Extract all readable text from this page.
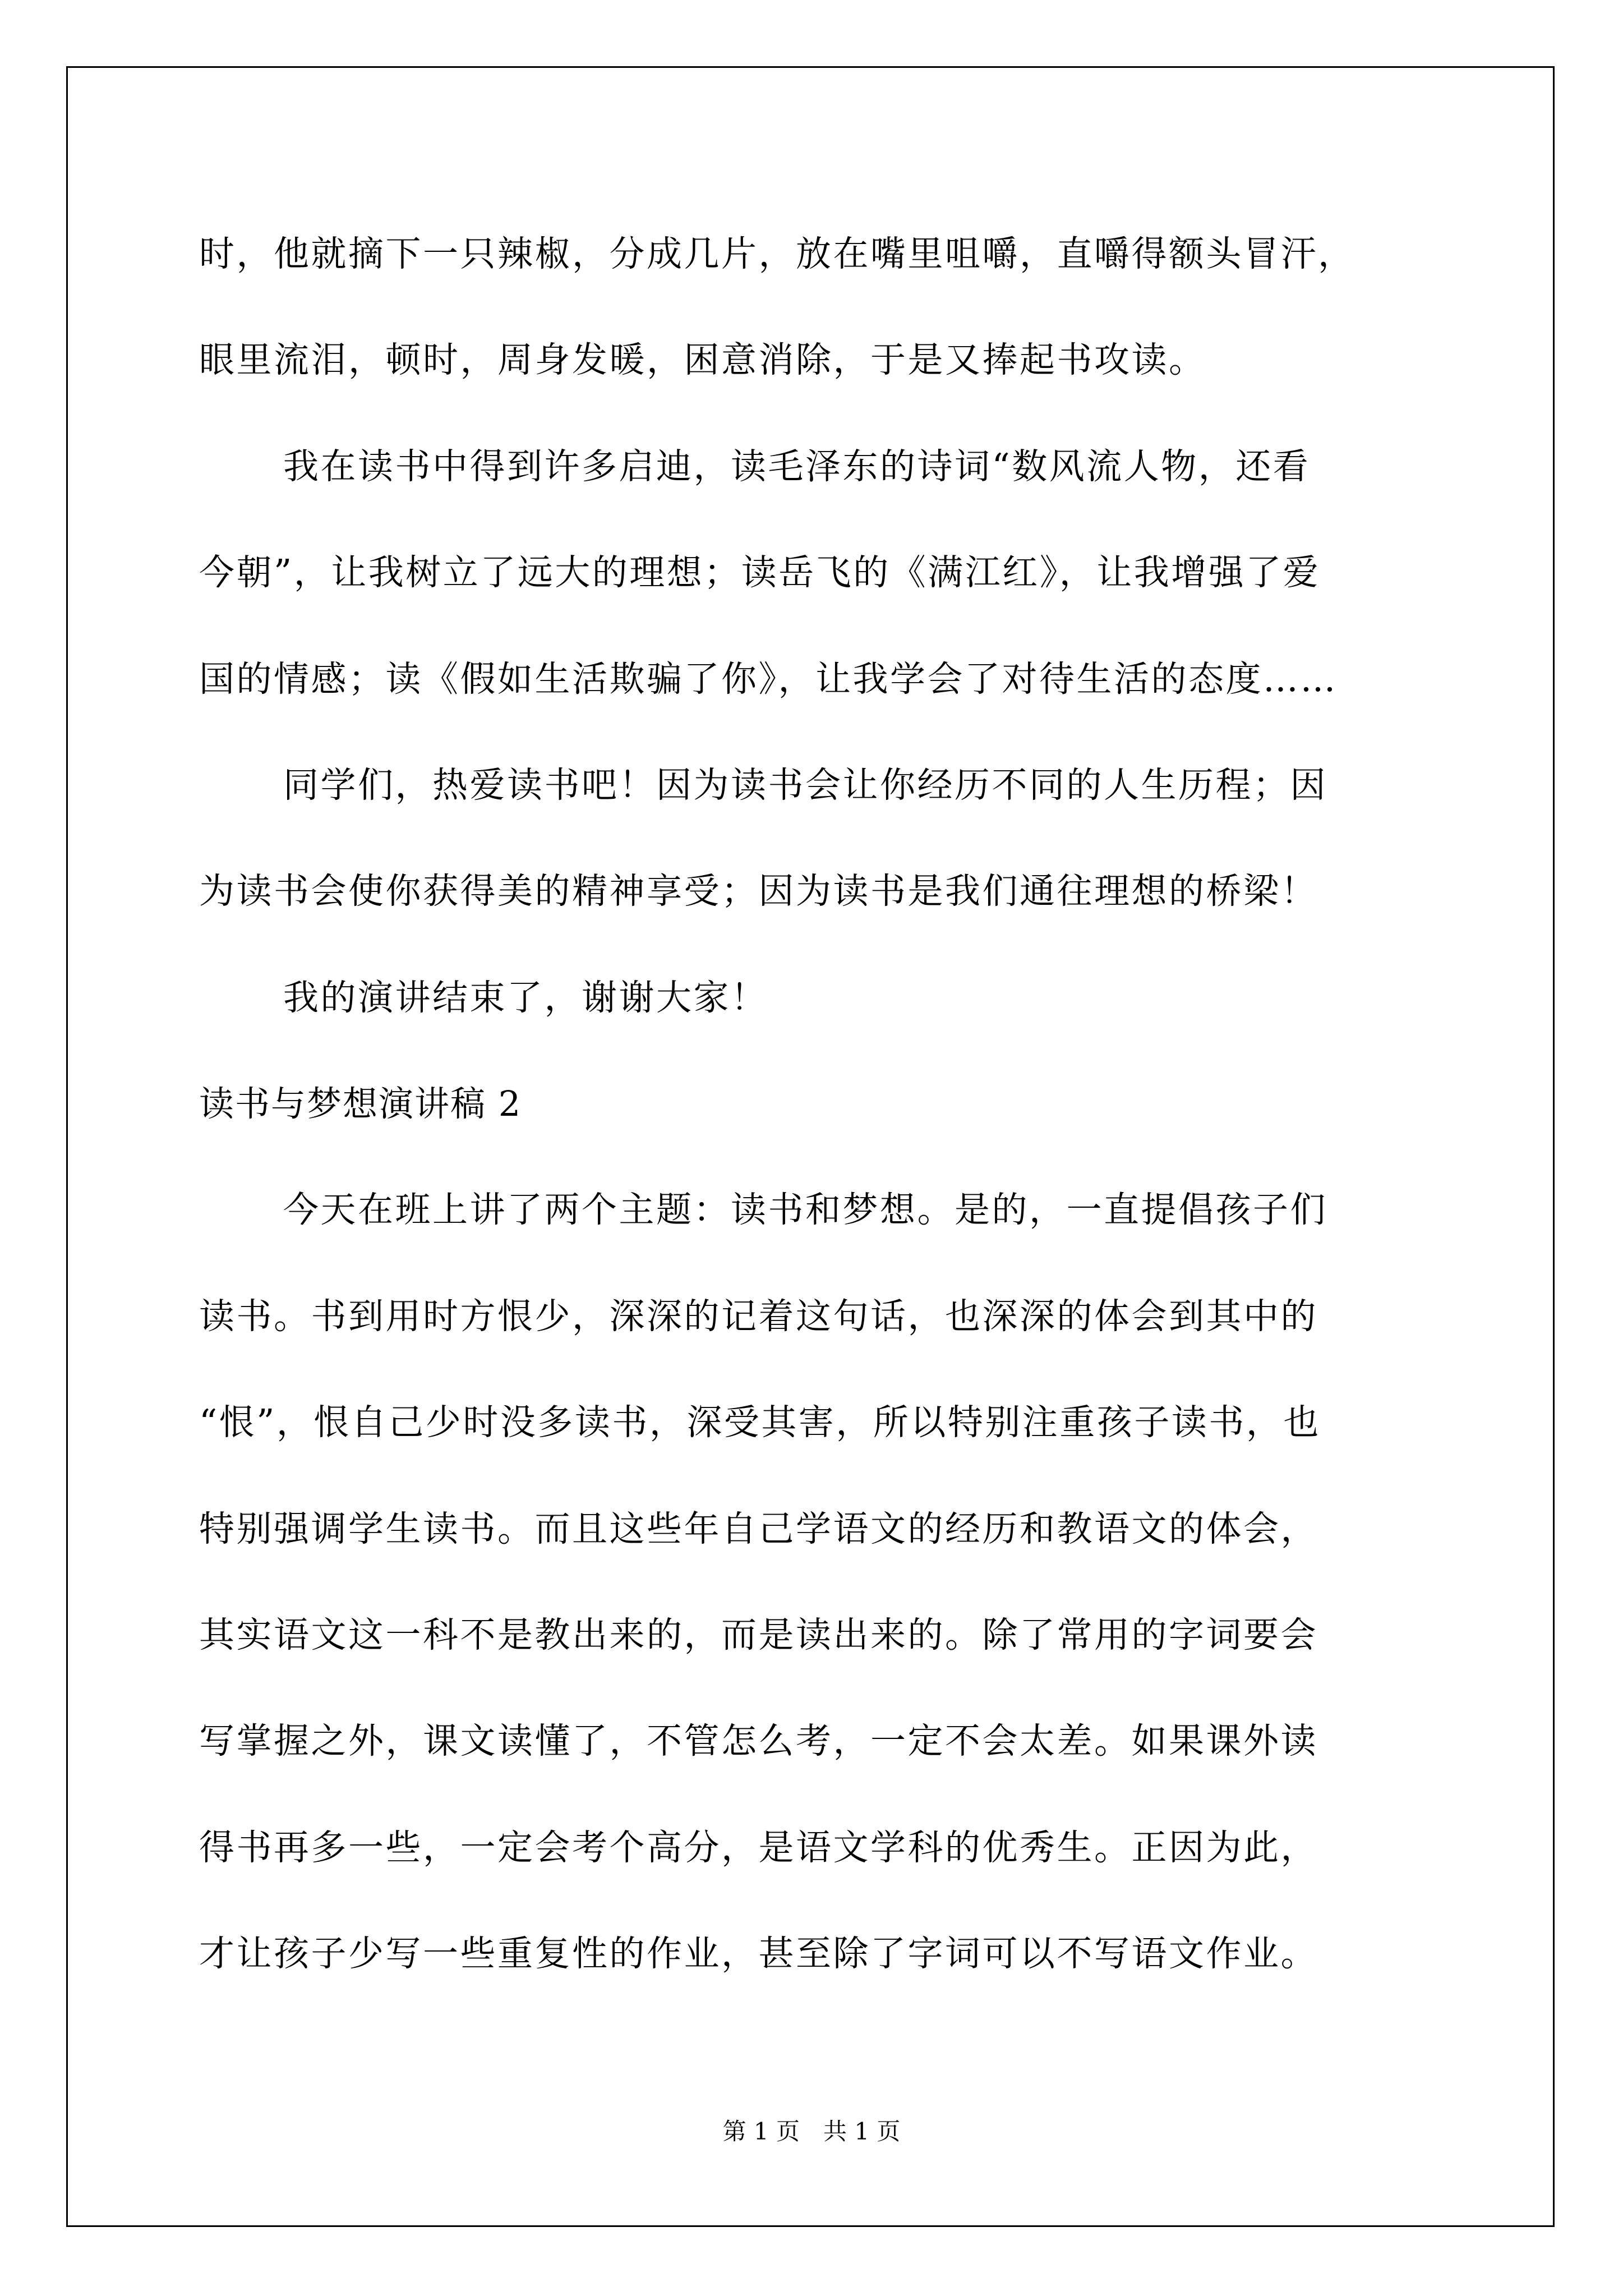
时，他就摘下一只辣椒，分成几片，放在嘴里咀嚼，直嚼得额头冒汗，
眼里流泪，顿时，周身发暖，困意消除，于是又捧起书攻读。
我在读书中得到许多启迪，读毛泽东的诗词“数风流人物，还看
今朝”，让我树立了远大的理想；读岳飞的《满江红》，让我增强了爱
国的情感；读《假如生活欺骗了你》，让我学会了对待生活的态度……
同学们，热爱读书吧！因为读书会让你经历不同的人生历程；因
为读书会使你获得美的精神享受；因为读书是我们通往理想的桥梁！
我的演讲结束了，谢谢大家！
读书与梦想演讲稿 2
今天在班上讲了两个主题：读书和梦想。是的，一直提倡孩子们
读书。书到用时方恨少，深深的记着这句话，也深深的体会到其中的
“恨”，恨自己少时没多读书，深受其害，所以特别注重孩子读书，也
特别强调学生读书。而且这些年自己学语文的经历和教语文的体会，
其实语文这一科不是教出来的，而是读出来的。除了常用的字词要会
写掌握之外，课文读懂了，不管怎么考，一定不会太差。如果课外读
得书再多一些，一定会考个高分，是语文学科的优秀生。正因为此，
才让孩子少写一些重复性的作业，甚至除了字词可以不写语文作业。
第 1 页　共 1 页
